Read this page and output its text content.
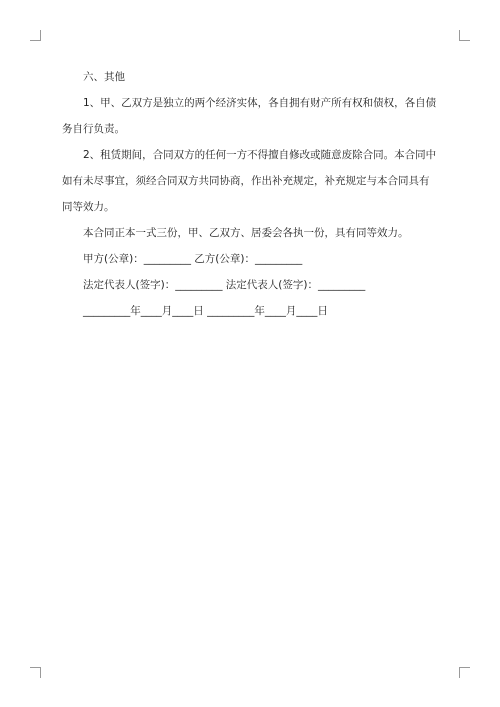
六、其他

1、甲、乙双方是独立的两个经济实体，各自拥有财产所有权和债权，各自债务自行负责。

2、租赁期间，合同双方的任何一方不得擅自修改或随意废除合同。本合同中如有未尽事宜，须经合同双方共同协商，作出补充规定，补充规定与本合同具有同等效力。

本合同正本一式三份，甲、乙双方、居委会各执一份，具有同等效力。

甲方(公章)：_________ 乙方(公章)：_________

法定代表人(签字)：_________ 法定代表人(签字)：_________

_________年____月____日 _________年____月____日
